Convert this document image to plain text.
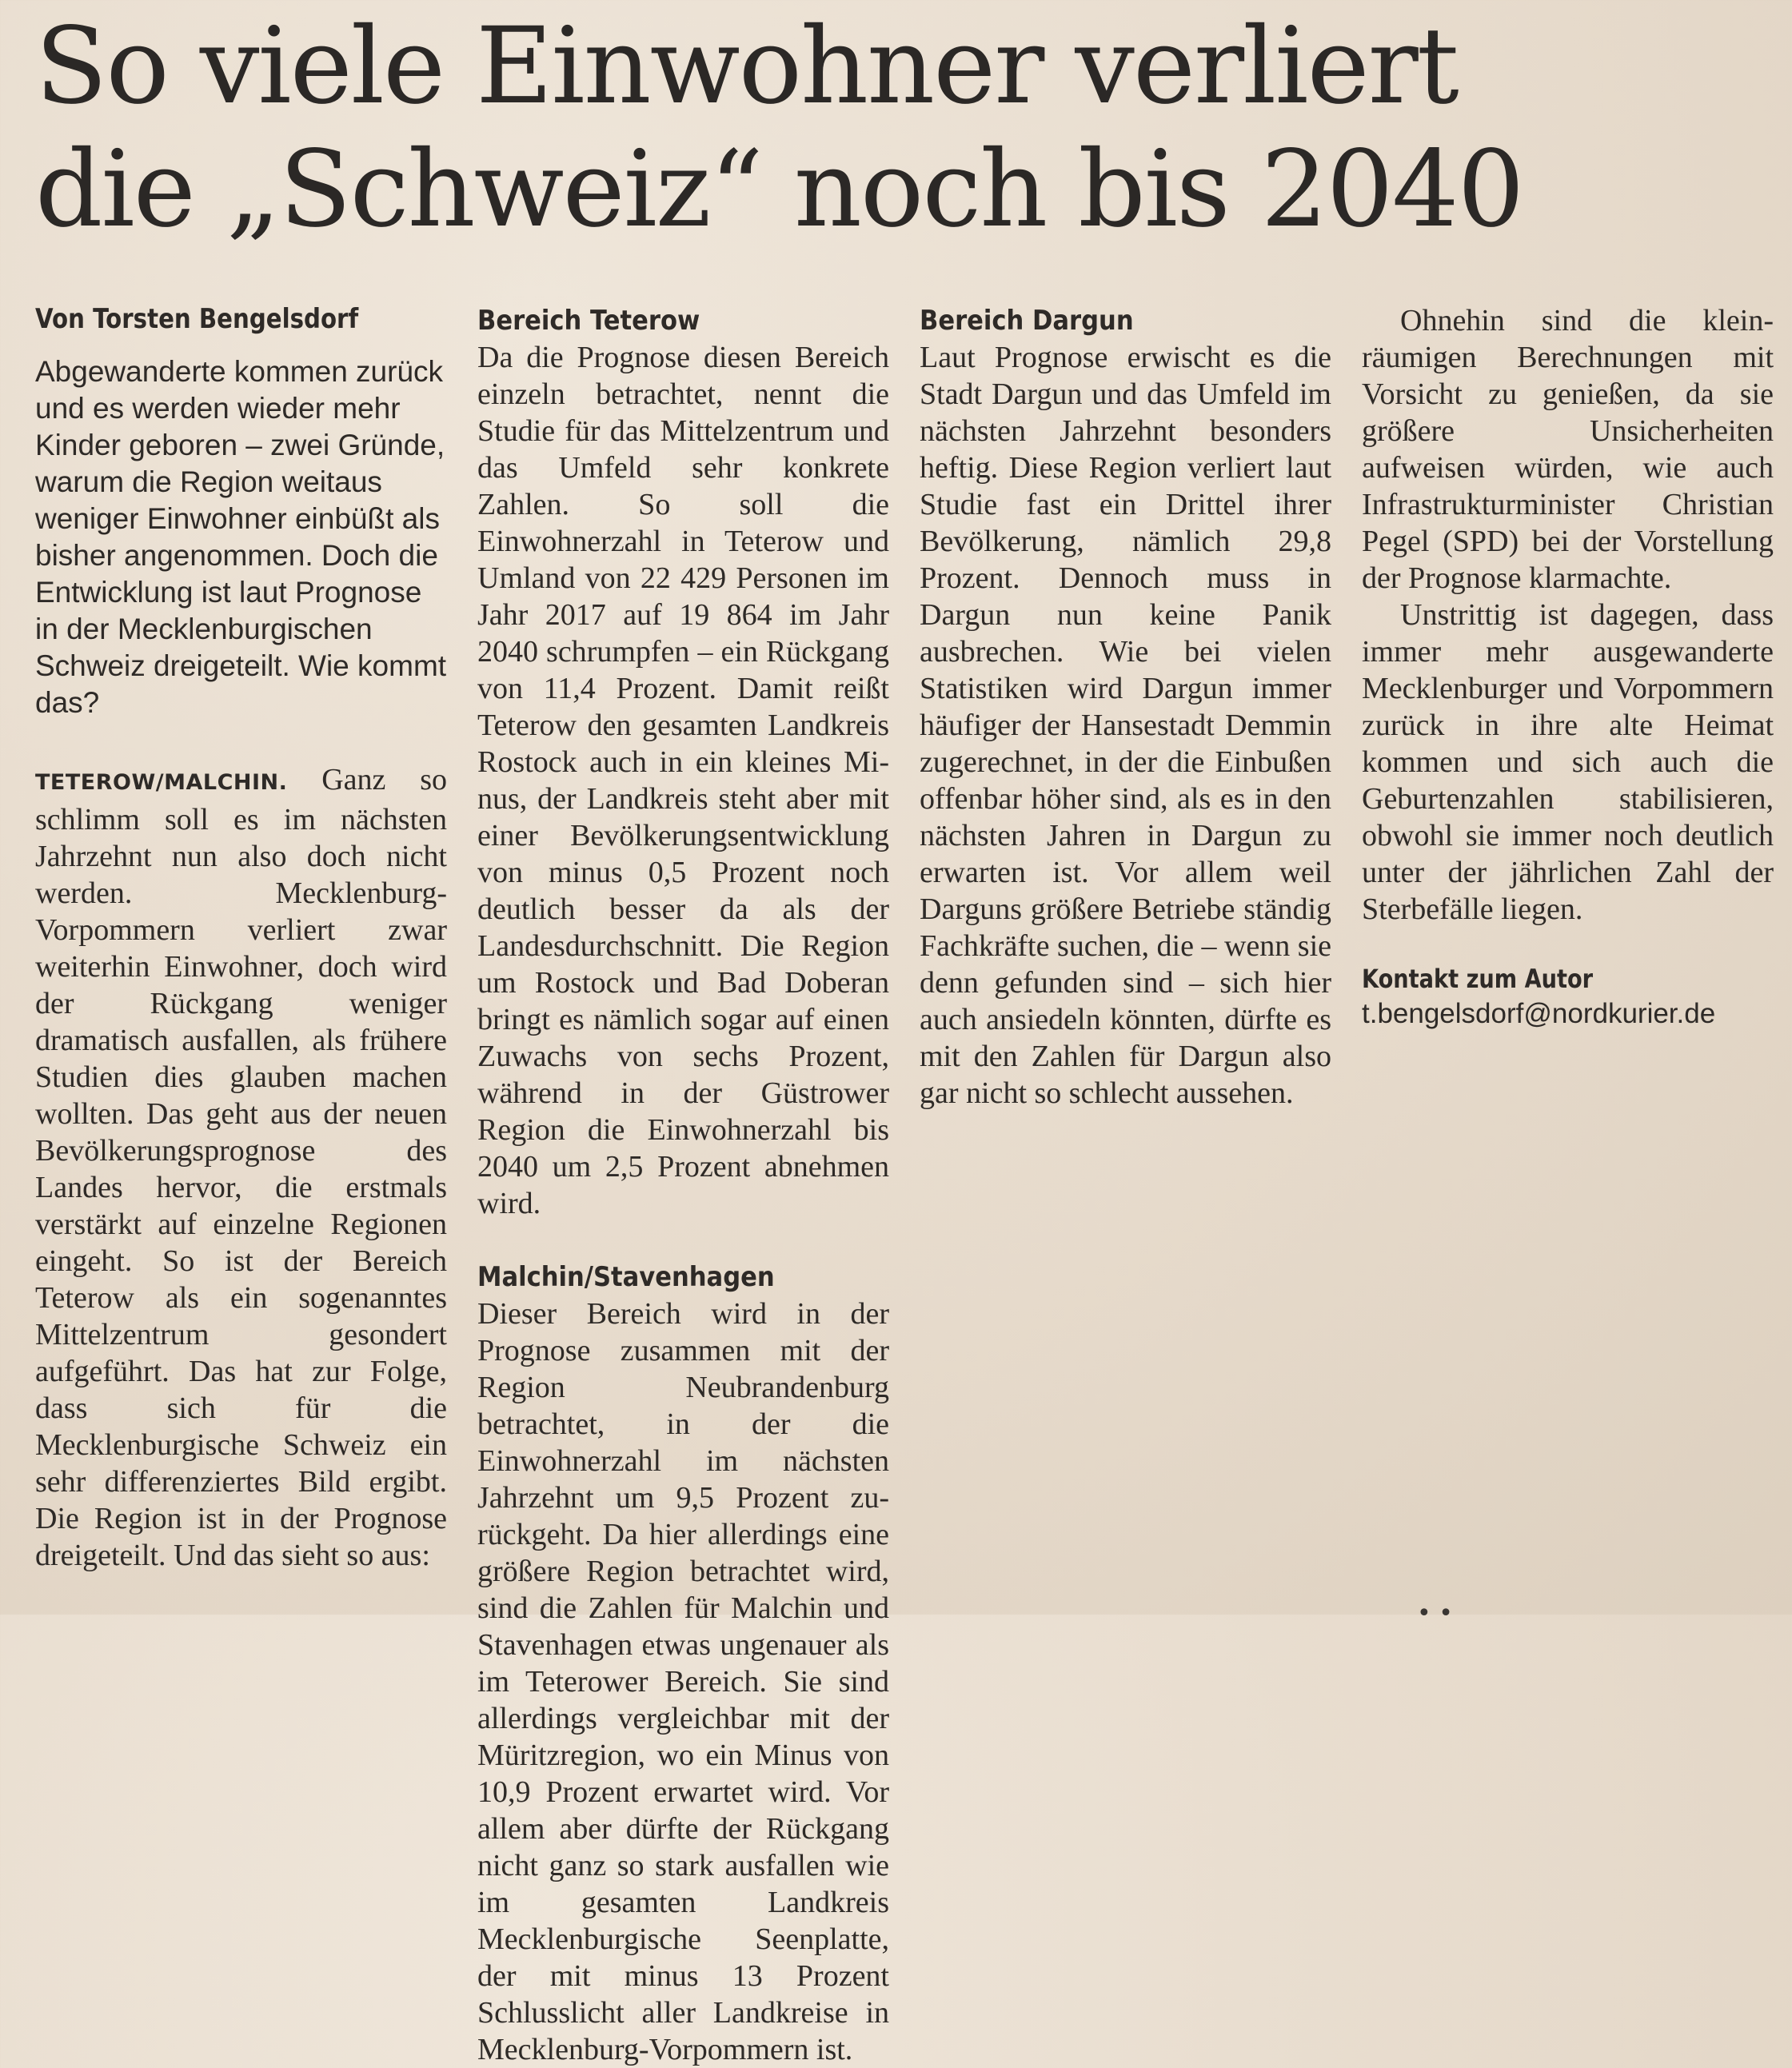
So viele Einwohner verliert
die „Schweiz“ noch bis 2040

Von Torsten Bengelsdorf

Abgewanderte kommen zurück und es werden wieder mehr Kinder geboren – zwei Gründe, warum die Region weitaus weniger Einwohner einbüßt als bisher angenommen. Doch die Entwicklung ist laut Prognose in der Mecklenburgischen Schweiz dreigeteilt. Wie kommt das?

TETEROW/MALCHIN. Ganz so schlimm soll es im nächsten Jahrzehnt nun also doch nicht werden. Mecklenburg-Vorpommern verliert zwar weiterhin Einwohner, doch wird der Rückgang weniger dramatisch ausfallen, als frühere Studien dies glauben machen wollten. Das geht aus der neuen Bevölkerungsprognose des Landes hervor, die erstmals verstärkt auf einzelne Regionen eingeht. So ist der Bereich Teterow als ein sogenanntes Mittelzentrum gesondert aufgeführt. Das hat zur Folge, dass sich für die Mecklenburgische Schweiz ein sehr differenziertes Bild ergibt. Die Region ist in der Prognose dreigeteilt. Und das sieht so aus:

Bereich Teterow

Da die Prognose diesen Bereich einzeln betrachtet, nennt die Studie für das Mittelzentrum und das Umfeld sehr konkrete Zahlen. So soll die Einwohnerzahl in Teterow und Umland von 22 429 Personen im Jahr 2017 auf 19 864 im Jahr 2040 schrumpfen – ein Rückgang von 11,4 Prozent. Damit reißt Teterow den gesamten Landkreis Rostock auch in ein kleines Minus, der Landkreis steht aber mit einer Bevölkerungsentwicklung von minus 0,5 Prozent noch deutlich besser da als der Landesdurchschnitt. Die Region um Rostock und Bad Doberan bringt es nämlich sogar auf einen Zuwachs von sechs Prozent, während in der Güstrower Region die Einwohnerzahl bis 2040 um 2,5 Prozent abnehmen wird.

Malchin/Stavenhagen

Dieser Bereich wird in der Prognose zusammen mit der Region Neubrandenburg betrachtet, in der die Einwohnerzahl im nächsten Jahrzehnt um 9,5 Prozent zurückgeht. Da hier allerdings eine größere Region betrachtet wird, sind die Zahlen für Malchin und Stavenhagen etwas ungenauer als im Teterower Bereich. Sie sind allerdings vergleichbar mit der Müritzregion, wo ein Minus von 10,9 Prozent erwartet wird. Vor allem aber dürfte der Rückgang nicht ganz so stark ausfallen wie im gesamten Landkreis Mecklenburgische Seenplatte, der mit minus 13 Prozent Schlusslicht aller Landkreise in Mecklenburg-Vorpommern ist.

Bereich Dargun

Laut Prognose erwischt es die Stadt Dargun und das Umfeld im nächsten Jahrzehnt besonders heftig. Diese Region verliert laut Studie fast ein Drittel ihrer Bevölkerung, nämlich 29,8 Prozent. Dennoch muss in Dargun nun keine Panik ausbrechen. Wie bei vielen Statistiken wird Dargun immer häufiger der Hansestadt Demmin zugerechnet, in der die Einbußen offenbar höher sind, als es in den nächsten Jahren in Dargun zu erwarten ist. Vor allem weil Darguns größere Betriebe ständig Fachkräfte suchen, die – wenn sie denn gefunden sind – sich hier auch ansiedeln könnten, dürfte es mit den Zahlen für Dargun also gar nicht so schlecht aussehen.

Ohnehin sind die kleinräumigen Berechnungen mit Vorsicht zu genießen, da sie größere Unsicherheiten aufweisen würden, wie auch Infrastrukturminister Christian Pegel (SPD) bei der Vorstellung der Prognose klarmachte.

Unstrittig ist dagegen, dass immer mehr ausgewanderte Mecklenburger und Vorpommern zurück in ihre alte Heimat kommen und sich auch die Geburtenzahlen stabilisieren, obwohl sie immer noch deutlich unter der jährlichen Zahl der Sterbefälle liegen.

Kontakt zum Autor

t.bengelsdorf@nordkurier.de

• •
